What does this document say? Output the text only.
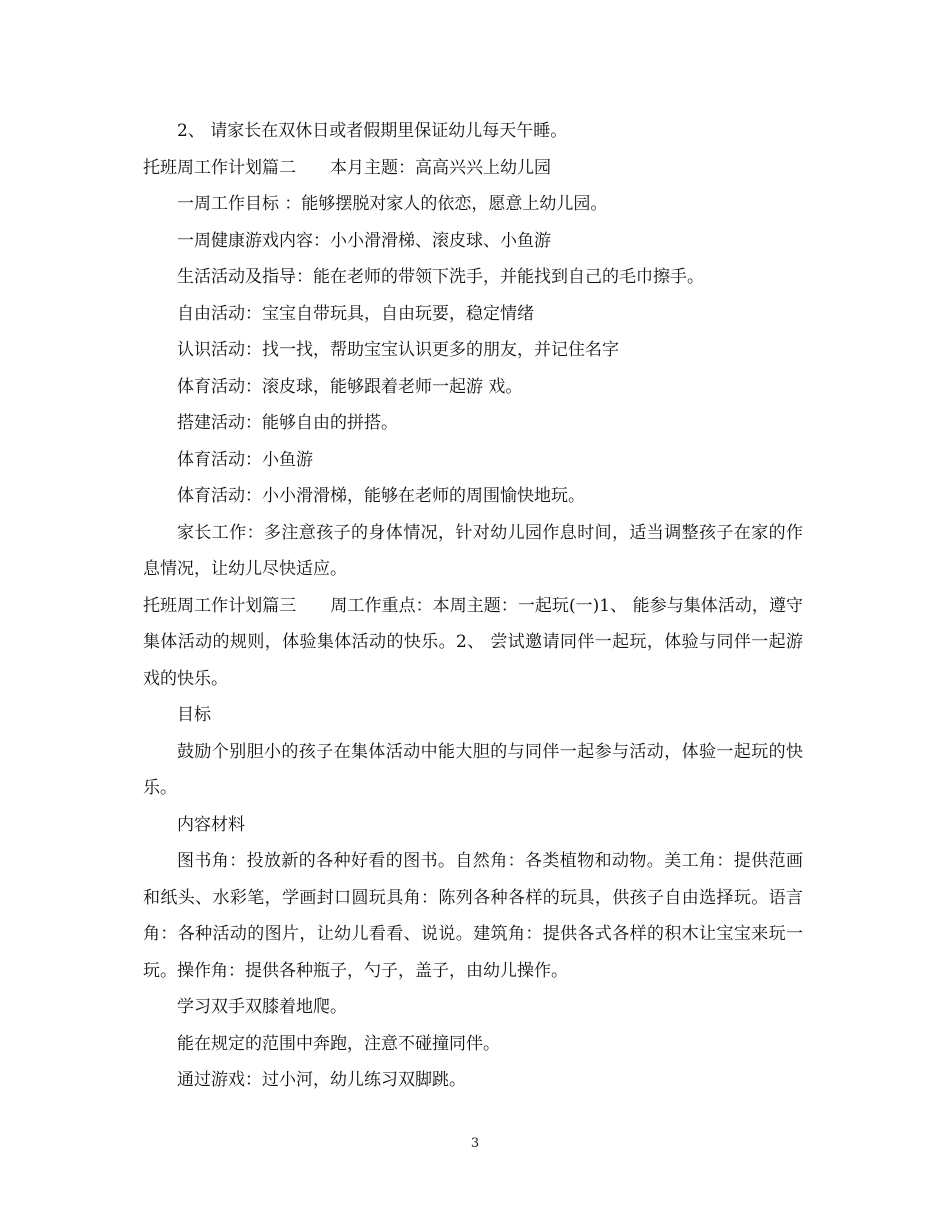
2、 请家长在双休日或者假期里保证幼儿每天午睡。

托班周工作计划篇二　　本月主题：高高兴兴上幼儿园

一周工作目标 ：能够摆脱对家人的依恋，愿意上幼儿园。

一周健康游戏内容：小小滑滑梯、滚皮球、小鱼游

生活活动及指导：能在老师的带领下洗手，并能找到自己的毛巾擦手。

自由活动：宝宝自带玩具，自由玩要，稳定情绪

认识活动：找一找，帮助宝宝认识更多的朋友，并记住名字

体育活动：滚皮球，能够跟着老师一起游 戏。

搭建活动：能够自由的拼搭。

体育活动：小鱼游

体育活动：小小滑滑梯，能够在老师的周围愉快地玩。

家长工作：多注意孩子的身体情况，针对幼儿园作息时间，适当调整孩子在家的作息情况，让幼儿尽快适应。

托班周工作计划篇三　　周工作重点：本周主题：一起玩(一)1、 能参与集体活动，遵守集体活动的规则，体验集体活动的快乐。2、 尝试邀请同伴一起玩，体验与同伴一起游戏的快乐。

目标

鼓励个别胆小的孩子在集体活动中能大胆的与同伴一起参与活动，体验一起玩的快乐。

内容材料

图书角：投放新的各种好看的图书。自然角：各类植物和动物。美工角：提供范画和纸头、水彩笔，学画封口圆玩具角：陈列各种各样的玩具，供孩子自由选择玩。语言角：各种活动的图片，让幼儿看看、说说。建筑角：提供各式各样的积木让宝宝来玩一玩。操作角：提供各种瓶子，勺子，盖子，由幼儿操作。

学习双手双膝着地爬。

能在规定的范围中奔跑，注意不碰撞同伴。

通过游戏：过小河，幼儿练习双脚跳。

3
